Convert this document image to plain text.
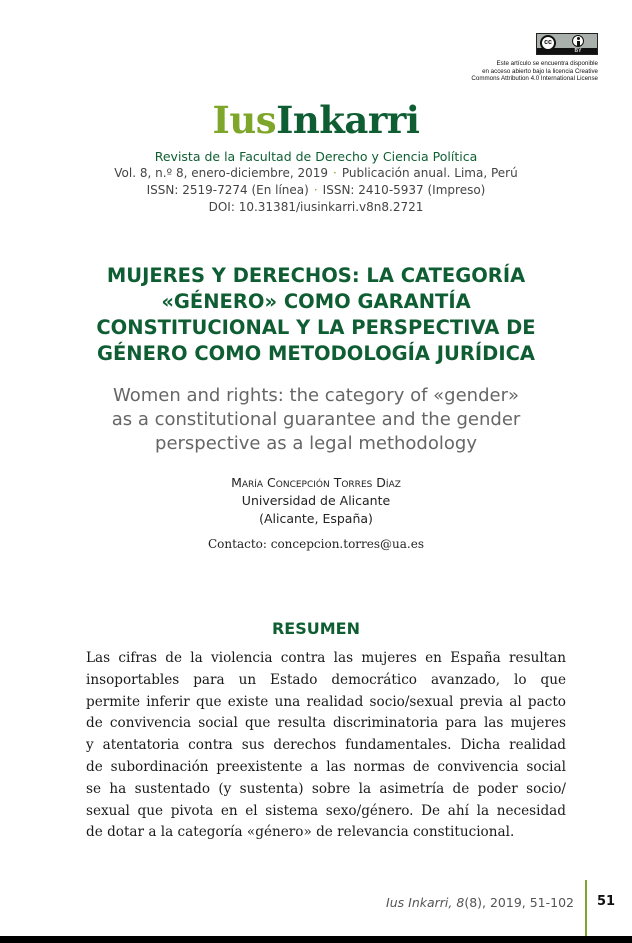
cc
BY
Este artículo se encuentra disponible
en acceso abierto bajo la licencia Creative
Commons Attribution 4.0 International License
IusInkarri
Revista de la Facultad de Derecho y Ciencia Política
Vol. 8, n.º 8, enero-diciembre, 2019 · Publicación anual. Lima, Perú
ISSN: 2519-7274 (En línea) · ISSN: 2410-5937 (Impreso)
DOI: 10.31381/iusinkarri.v8n8.2721
MUJERES Y DERECHOS: LA CATEGORÍA
«GÉNERO» COMO GARANTÍA
CONSTITUCIONAL Y LA PERSPECTIVA DE
GÉNERO COMO METODOLOGÍA JURÍDICA
Women and rights: the category of «gender»
as a constitutional guarantee and the gender
perspective as a legal methodology
María Concepción Torres Díaz
Universidad de Alicante
(Alicante, España)
Contacto: concepcion.torres@ua.es
RESUMEN
Las cifras de la violencia contra las mujeres en España resultan
insoportables para un Estado democrático avanzado, lo que
permite inferir que existe una realidad socio/sexual previa al pacto
de convivencia social que resulta discriminatoria para las mujeres
y atentatoria contra sus derechos fundamentales. Dicha realidad
de subordinación preexistente a las normas de convivencia social
se ha sustentado (y sustenta) sobre la asimetría de poder socio/
sexual que pivota en el sistema sexo/género. De ahí la necesidad
de dotar a la categoría «género» de relevancia constitucional.
Ius Inkarri, 8(8), 2019, 51-102 51
